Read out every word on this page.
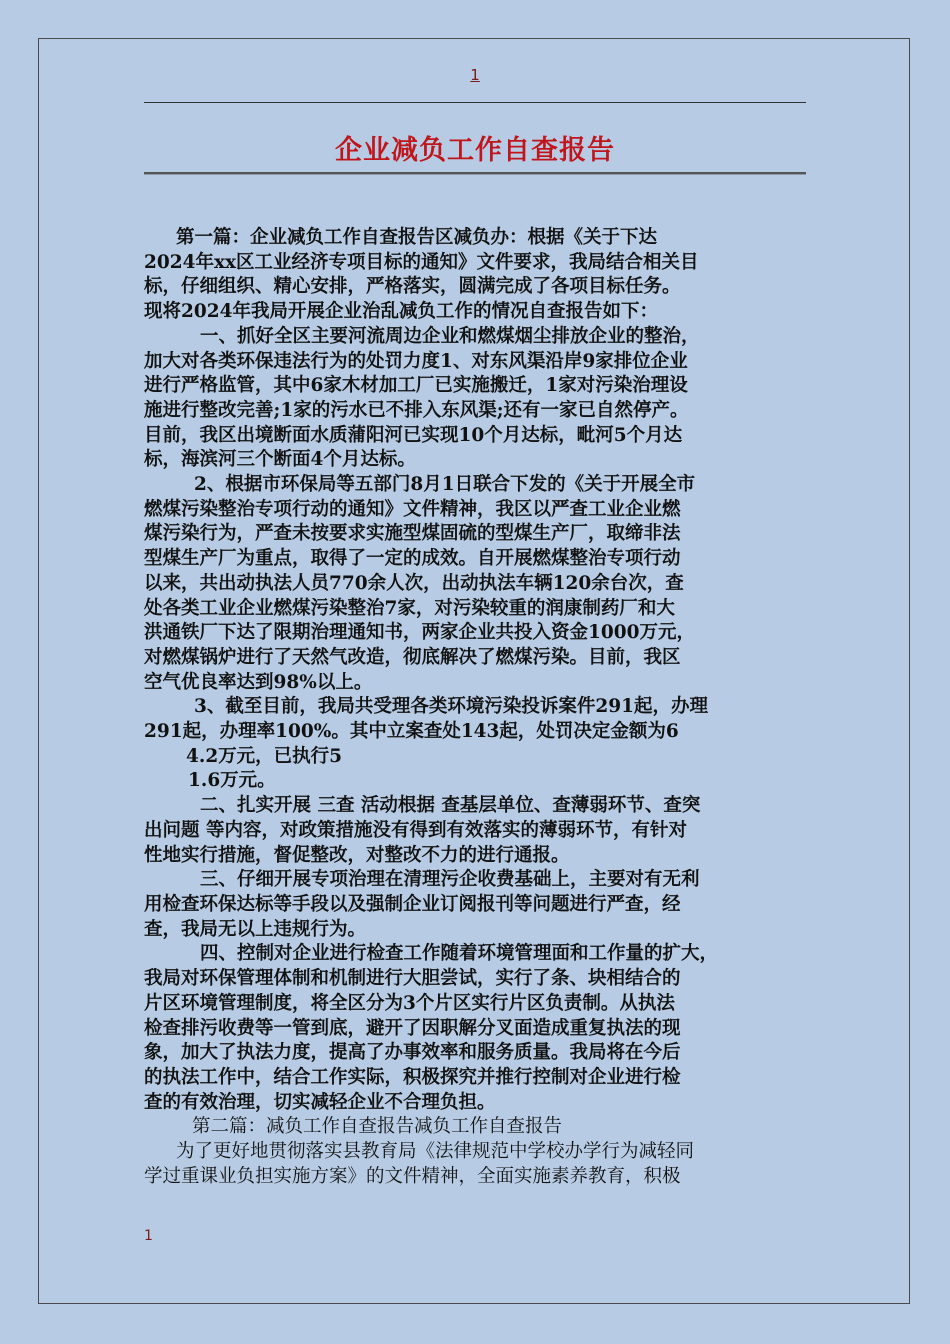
1
企业减负工作自查报告
第一篇：企业减负工作自查报告区减负办：根据《关于下达
2024年xx区工业经济专项目标的通知》文件要求，我局结合相关目
标，仔细组织、精心安排，严格落实，圆满完成了各项目标任务。
现将2024年我局开展企业治乱减负工作的情况自查报告如下：
一、抓好全区主要河流周边企业和燃煤烟尘排放企业的整治，
加大对各类环保违法行为的处罚力度1、对东风渠沿岸9家排位企业
进行严格监管，其中6家木材加工厂已实施搬迁，1家对污染治理设
施进行整改完善;1家的污水已不排入东风渠;还有一家已自然停产。
目前，我区出境断面水质蒲阳河已实现10个月达标，毗河5个月达
标，海滨河三个断面4个月达标。
2、根据市环保局等五部门8月1日联合下发的《关于开展全市
燃煤污染整治专项行动的通知》文件精神，我区以严查工业企业燃
煤污染行为，严查未按要求实施型煤固硫的型煤生产厂，取缔非法
型煤生产厂为重点，取得了一定的成效。自开展燃煤整治专项行动
以来，共出动执法人员770余人次，出动执法车辆120余台次，查
处各类工业企业燃煤污染整治7家，对污染较重的润康制药厂和大
洪通铁厂下达了限期治理通知书，两家企业共投入资金1000万元，
对燃煤锅炉进行了天然气改造，彻底解决了燃煤污染。目前，我区
空气优良率达到98%以上。
3、截至目前，我局共受理各类环境污染投诉案件291起，办理
291起，办理率100%。其中立案查处143起，处罚决定金额为6
4.2万元，已执行5
1.6万元。
二、扎实开展 三查 活动根据 查基层单位、查薄弱环节、查突
出问题 等内容，对政策措施没有得到有效落实的薄弱环节，有针对
性地实行措施，督促整改，对整改不力的进行通报。
三、仔细开展专项治理在清理污企收费基础上，主要对有无利
用检查环保达标等手段以及强制企业订阅报刊等问题进行严查，经
查，我局无以上违规行为。
四、控制对企业进行检查工作随着环境管理面和工作量的扩大，
我局对环保管理体制和机制进行大胆尝试，实行了条、块相结合的
片区环境管理制度，将全区分为3个片区实行片区负责制。从执法
检查排污收费等一管到底，避开了因职解分叉面造成重复执法的现
象，加大了执法力度，提高了办事效率和服务质量。我局将在今后
的执法工作中，结合工作实际，积极探究并推行控制对企业进行检
查的有效治理，切实减轻企业不合理负担。
第二篇：减负工作自查报告减负工作自查报告
为了更好地贯彻落实县教育局《法律规范中学校办学行为减轻同
学过重课业负担实施方案》的文件精神，全面实施素养教育，积极
1
